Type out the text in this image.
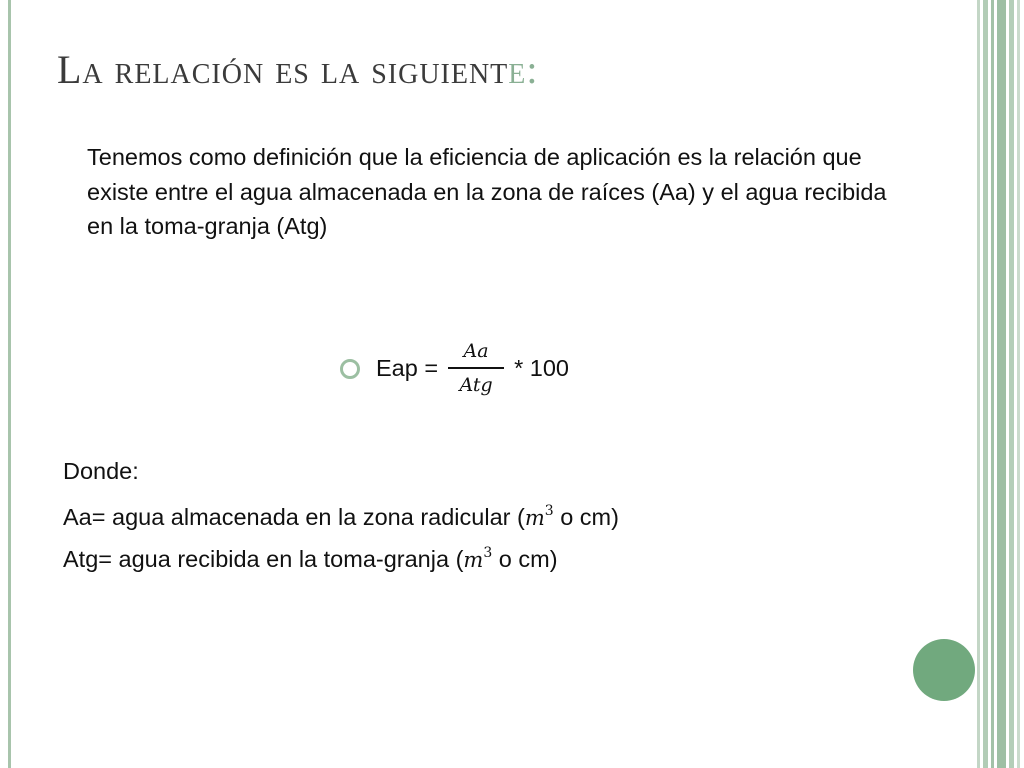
La relación es la siguiente:

Tenemos como definición que la eficiencia de aplicación es la relación que existe entre el agua almacenada en la zona de raíces (Aa) y el agua recibida en la toma-granja (Atg)

Eap = $\frac{Aa}{\text{Atg}} * 100$
Donde:
Aa= agua almacenada en la zona radicular ($m^3$ o cm)
Atg= agua recibida en la toma-granja ($m^3$ o cm)
